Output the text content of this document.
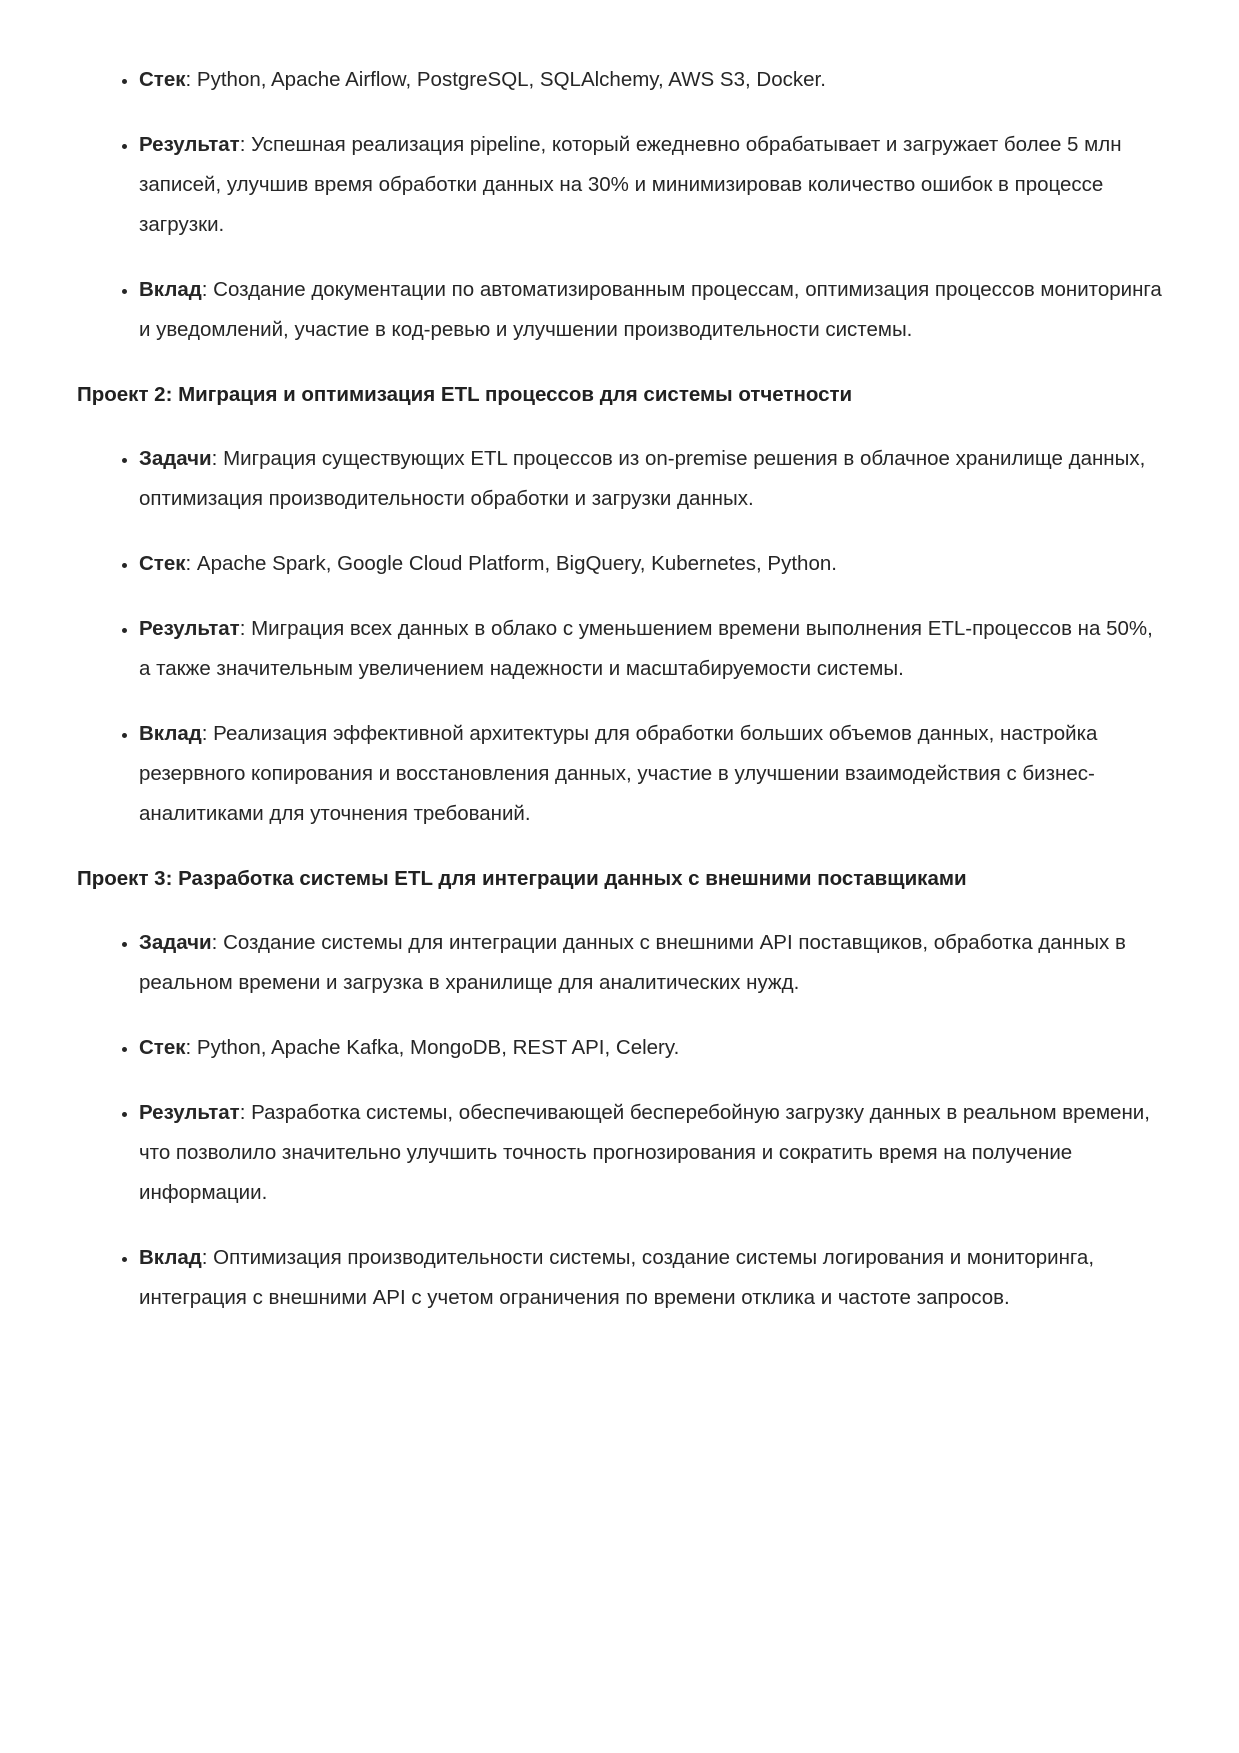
• Стек: Python, Apache Airflow, PostgreSQL, SQLAlchemy, AWS S3, Docker.
• Результат: Успешная реализация pipeline, который ежедневно обрабатывает и загружает более 5 млн записей, улучшив время обработки данных на 30% и минимизировав количество ошибок в процессе загрузки.
• Вклад: Создание документации по автоматизированным процессам, оптимизация процессов мониторинга и уведомлений, участие в код-ревью и улучшении производительности системы.
Проект 2: Миграция и оптимизация ETL процессов для системы отчетности
• Задачи: Миграция существующих ETL процессов из on-premise решения в облачное хранилище данных, оптимизация производительности обработки и загрузки данных.
• Стек: Apache Spark, Google Cloud Platform, BigQuery, Kubernetes, Python.
• Результат: Миграция всех данных в облако с уменьшением времени выполнения ETL-процессов на 50%, а также значительным увеличением надежности и масштабируемости системы.
• Вклад: Реализация эффективной архитектуры для обработки больших объемов данных, настройка резервного копирования и восстановления данных, участие в улучшении взаимодействия с бизнес-аналитиками для уточнения требований.
Проект 3: Разработка системы ETL для интеграции данных с внешними поставщиками
• Задачи: Создание системы для интеграции данных с внешними API поставщиков, обработка данных в реальном времени и загрузка в хранилище для аналитических нужд.
• Стек: Python, Apache Kafka, MongoDB, REST API, Celery.
• Результат: Разработка системы, обеспечивающей бесперебойную загрузку данных в реальном времени, что позволило значительно улучшить точность прогнозирования и сократить время на получение информации.
• Вклад: Оптимизация производительности системы, создание системы логирования и мониторинга, интеграция с внешними API с учетом ограничения по времени отклика и частоте запросов.
